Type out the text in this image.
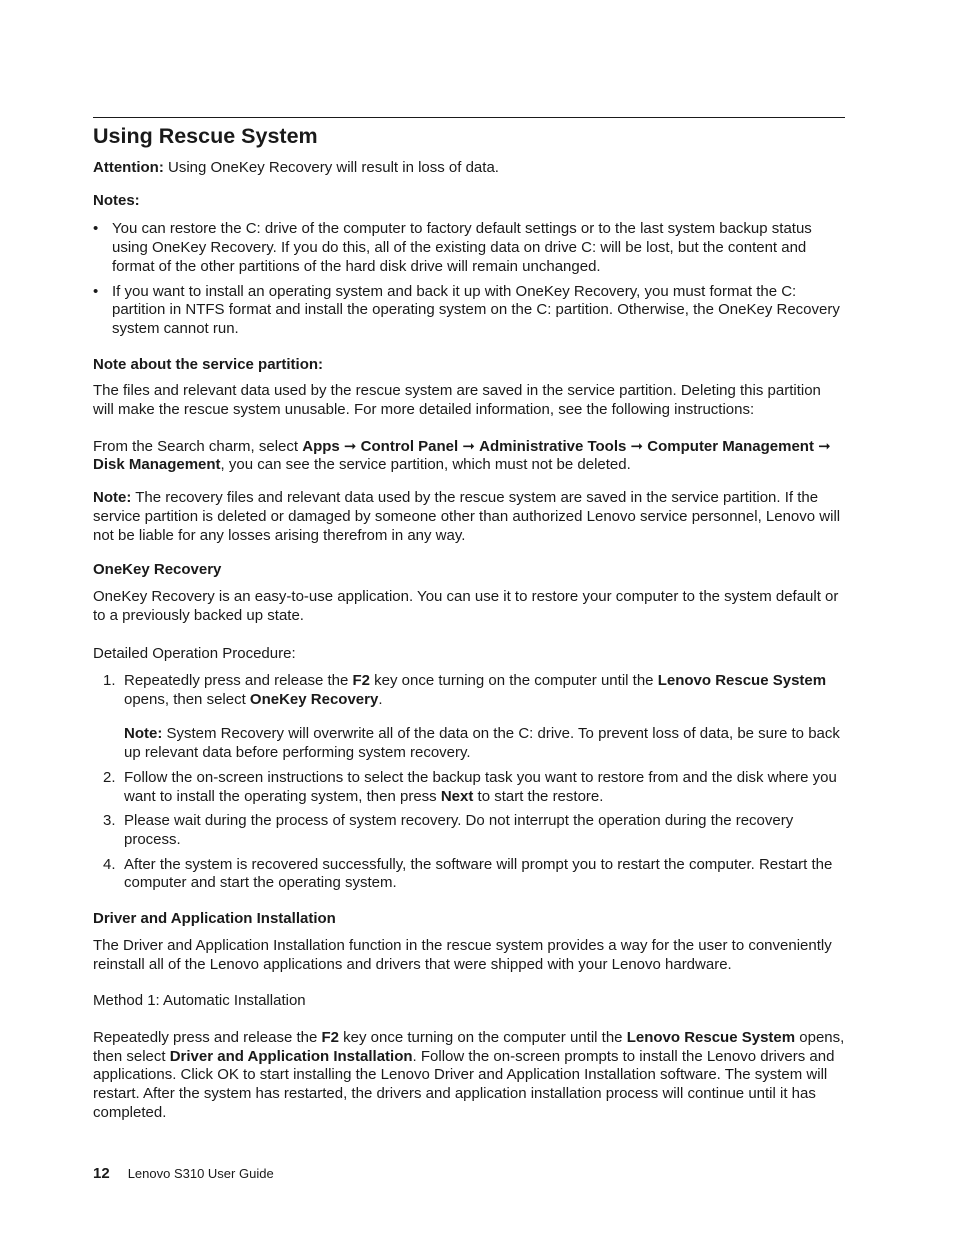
Using Rescue System

Attention: Using OneKey Recovery will result in loss of data.

Notes:

• You can restore the C: drive of the computer to factory default settings or to the last system backup status using OneKey Recovery. If you do this, all of the existing data on drive C: will be lost, but the content and format of the other partitions of the hard disk drive will remain unchanged.
• If you want to install an operating system and back it up with OneKey Recovery, you must format the C: partition in NTFS format and install the operating system on the C: partition. Otherwise, the OneKey Recovery system cannot run.

Note about the service partition:

The files and relevant data used by the rescue system are saved in the service partition. Deleting this partition will make the rescue system unusable. For more detailed information, see the following instructions:

From the Search charm, select Apps ➞ Control Panel ➞ Administrative Tools ➞ Computer Management ➞ Disk Management, you can see the service partition, which must not be deleted.

Note: The recovery files and relevant data used by the rescue system are saved in the service partition. If the service partition is deleted or damaged by someone other than authorized Lenovo service personnel, Lenovo will not be liable for any losses arising therefrom in any way.

OneKey Recovery

OneKey Recovery is an easy-to-use application. You can use it to restore your computer to the system default or to a previously backed up state.

Detailed Operation Procedure:

1. Repeatedly press and release the F2 key once turning on the computer until the Lenovo Rescue System opens, then select OneKey Recovery.

Note: System Recovery will overwrite all of the data on the C: drive. To prevent loss of data, be sure to back up relevant data before performing system recovery.

2. Follow the on-screen instructions to select the backup task you want to restore from and the disk where you want to install the operating system, then press Next to start the restore.
3. Please wait during the process of system recovery. Do not interrupt the operation during the recovery process.
4. After the system is recovered successfully, the software will prompt you to restart the computer. Restart the computer and start the operating system.

Driver and Application Installation

The Driver and Application Installation function in the rescue system provides a way for the user to conveniently reinstall all of the Lenovo applications and drivers that were shipped with your Lenovo hardware.

Method 1: Automatic Installation

Repeatedly press and release the F2 key once turning on the computer until the Lenovo Rescue System opens, then select Driver and Application Installation. Follow the on-screen prompts to install the Lenovo drivers and applications. Click OK to start installing the Lenovo Driver and Application Installation software. The system will restart. After the system has restarted, the drivers and application installation process will continue until it has completed.

12 Lenovo S310 User Guide
